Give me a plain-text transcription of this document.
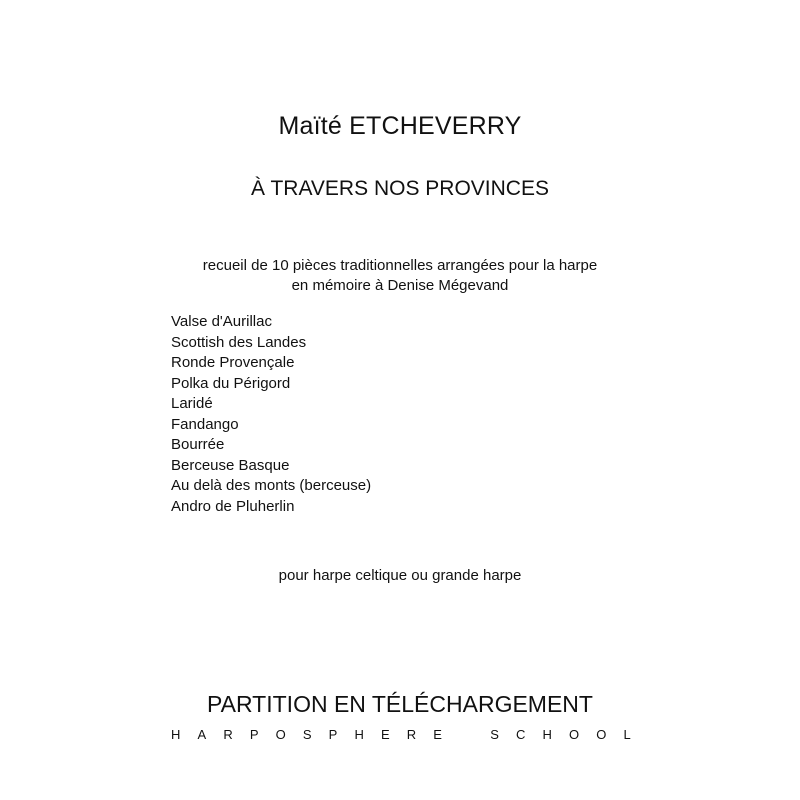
Maïté ETCHEVERRY
À TRAVERS NOS PROVINCES
recueil de 10 pièces traditionnelles arrangées pour la harpe
en mémoire à Denise Mégevand
Valse d'Aurillac
Scottish des Landes
Ronde Provençale
Polka du Périgord
Laridé
Fandango
Bourrée
Berceuse Basque
Au delà des monts (berceuse)
Andro de Pluherlin
pour harpe celtique ou grande harpe
PARTITION EN TÉLÉCHARGEMENT
H A R P O S P H E R E
	S C H O O L
